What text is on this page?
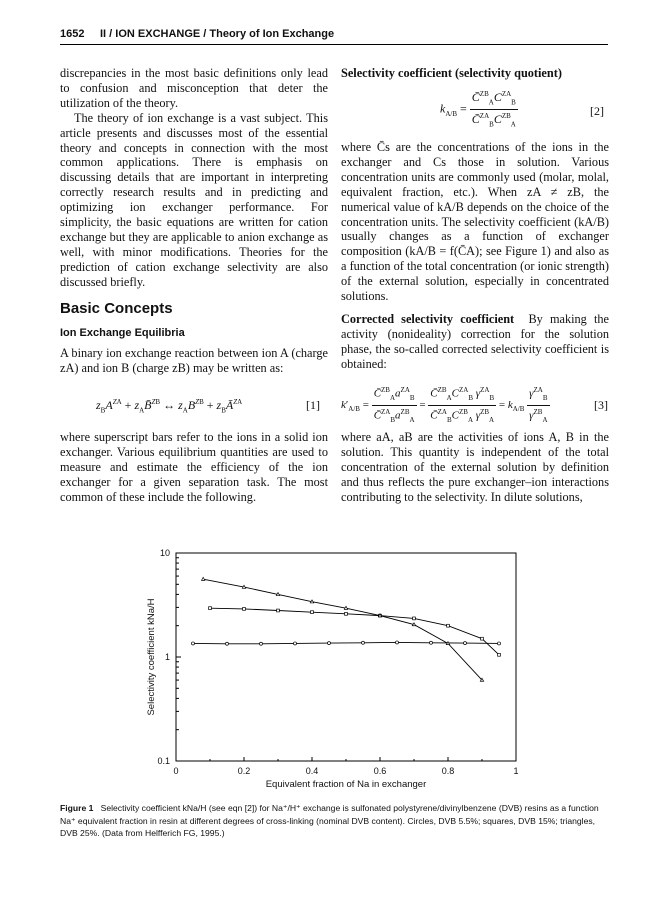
1652 II / ION EXCHANGE / Theory of Ion Exchange

discrepancies in the most basic definitions only lead to confusion and misconception that deter the utilization of the theory.

The theory of ion exchange is a vast subject. This article presents and discusses most of the essential theory and concepts in connection with the most common applications. There is emphasis on discussing details that are important in interpreting correctly research results and in predicting and optimizing ion exchanger performance. For simplicity, the basic equations are written for cation exchange but they are applicable to anion exchange as well, with minor modifications. Theories for the prediction of cation exchange selectivity are also discussed briefly.

Basic Concepts
Ion Exchange Equilibria

A binary ion exchange reaction between ion A (charge zA) and ion B (charge zB) may be written as:

$z_BA^{ZA}$ + $z_AB̄^{ZB}$ ↔ $z_AB^{ZB}$ + $z_BĀ^{ZA}$	[1]

where superscript bars refer to the ions in a solid ion exchanger. Various equilibrium quantities are used to measure and estimate the efficiency of the ion exchanger for a given separation task. The most common of these include the following.

Selectivity coefficient (selectivity quotient)
$k_{A/B} = \frac{C̄^{ZB}_AC^{ZA}_B}{C̄^{ZA}_BC^{ZB}_A}$	[2]

where C̄s are the concentrations of the ions in the exchanger and Cs those in solution. Various concentration units are commonly used (molar, molal, equivalent fraction, etc.). When zA ≠ zB, the numerical value of kA/B depends on the choice of the concentration units. The selectivity coefficient (kA/B) usually changes as a function of exchanger composition (kA/B = f(C̄A); see Figure 1) and also as a function of the total concentration (or ionic strength) of the external solution, especially in concentrated solutions.

Corrected selectivity coefficient By making the activity (nonideality) correction for the solution phase, the so-called corrected selectivity coefficient is obtained:

$k'_{A/B} = \frac{C̄^{ZB}_Aa^{ZA}_B}{C̄^{ZA}_Ba^{ZB}_A} = \frac{C̄^{ZB}_AC^{ZA}_B \gamma^{ZA}_B}{C̄^{ZA}_BC^{ZB}_A \gamma^{ZB}_A} = k_{A/B} \frac{\gamma^{ZA}_B}{\gamma^{ZB}_A}$	[3]

where aA, aB are the activities of ions A, B in the solution. This quantity is independent of the total concentration of the external solution by definition and thus reflects the pure exchanger–ion interactions contributing to the selectivity. In dilute solutions,

0	0.2	0.4	0.6	0.8	1
0.1
1
10
Equivalent fraction of Na in exchanger
Selectivity coefficient kNa/H
Figure 1 Selectivity coefficient kNa/H (see eqn [2]) for Na⁺/H⁺ exchange is sulfonated polystyrene/divinylbenzene (DVB) resins as a function Na⁺ equivalent fraction in resin at different degrees of cross-linking (nominal DVB content). Circles, DVB 5.5%; squares, DVB 15%; triangles, DVB 25%. (Data from Helfferich FG, 1995.)
